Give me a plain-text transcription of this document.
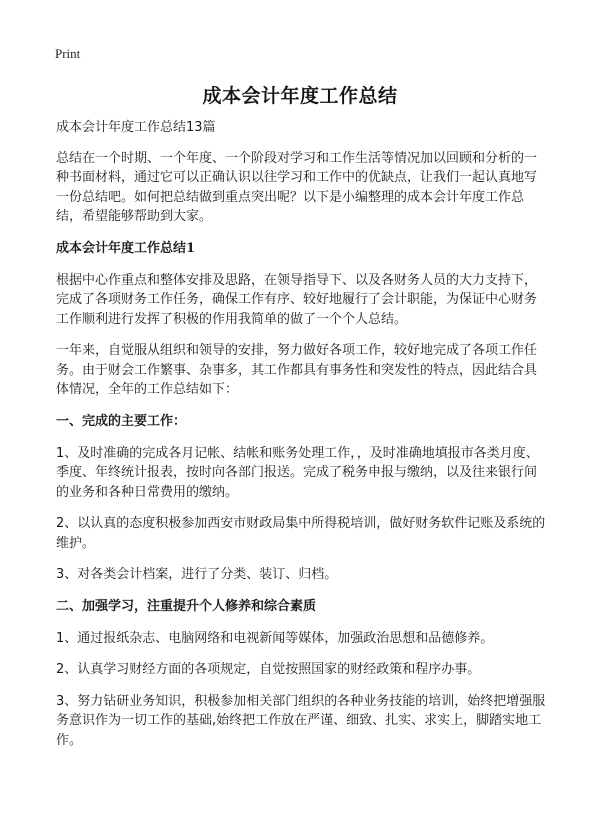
Print
成本会计年度工作总结

成本会计年度工作总结13篇

总结在一个时期、一个年度、一个阶段对学习和工作生活等情况加以回顾和分析的一种书面材料，通过它可以正确认识以往学习和工作中的优缺点，让我们一起认真地写一份总结吧。如何把总结做到重点突出呢？以下是小编整理的成本会计年度工作总结，希望能够帮助到大家。

成本会计年度工作总结1

根据中心作重点和整体安排及思路，在领导指导下、以及各财务人员的大力支持下，完成了各项财务工作任务，确保工作有序、较好地履行了会计职能，为保证中心财务工作顺利进行发挥了积极的作用我简单的做了一个个人总结。

一年来，自觉服从组织和领导的安排，努力做好各项工作，较好地完成了各项工作任务。由于财会工作繁事、杂事多，其工作都具有事务性和突发性的特点，因此结合具体情况，全年的工作总结如下：

一、完成的主要工作：

1、及时准确的完成各月记帐、结帐和账务处理工作，，及时准确地填报市各类月度、季度、年终统计报表，按时向各部门报送。完成了税务申报与缴纳，以及往来银行间的业务和各种日常费用的缴纳。

2、以认真的态度积极参加西安市财政局集中所得税培训，做好财务软件记账及系统的维护。

3、对各类会计档案，进行了分类、装订、归档。

二、加强学习，注重提升个人修养和综合素质

1、通过报纸杂志、电脑网络和电视新闻等媒体，加强政治思想和品德修养。

2、认真学习财经方面的各项规定，自觉按照国家的财经政策和程序办事。

3、努力钻研业务知识，积极参加相关部门组织的各种业务技能的培训，始终把增强服务意识作为一切工作的基础,始终把工作放在严谨、细致、扎实、求实上，脚踏实地工作。
